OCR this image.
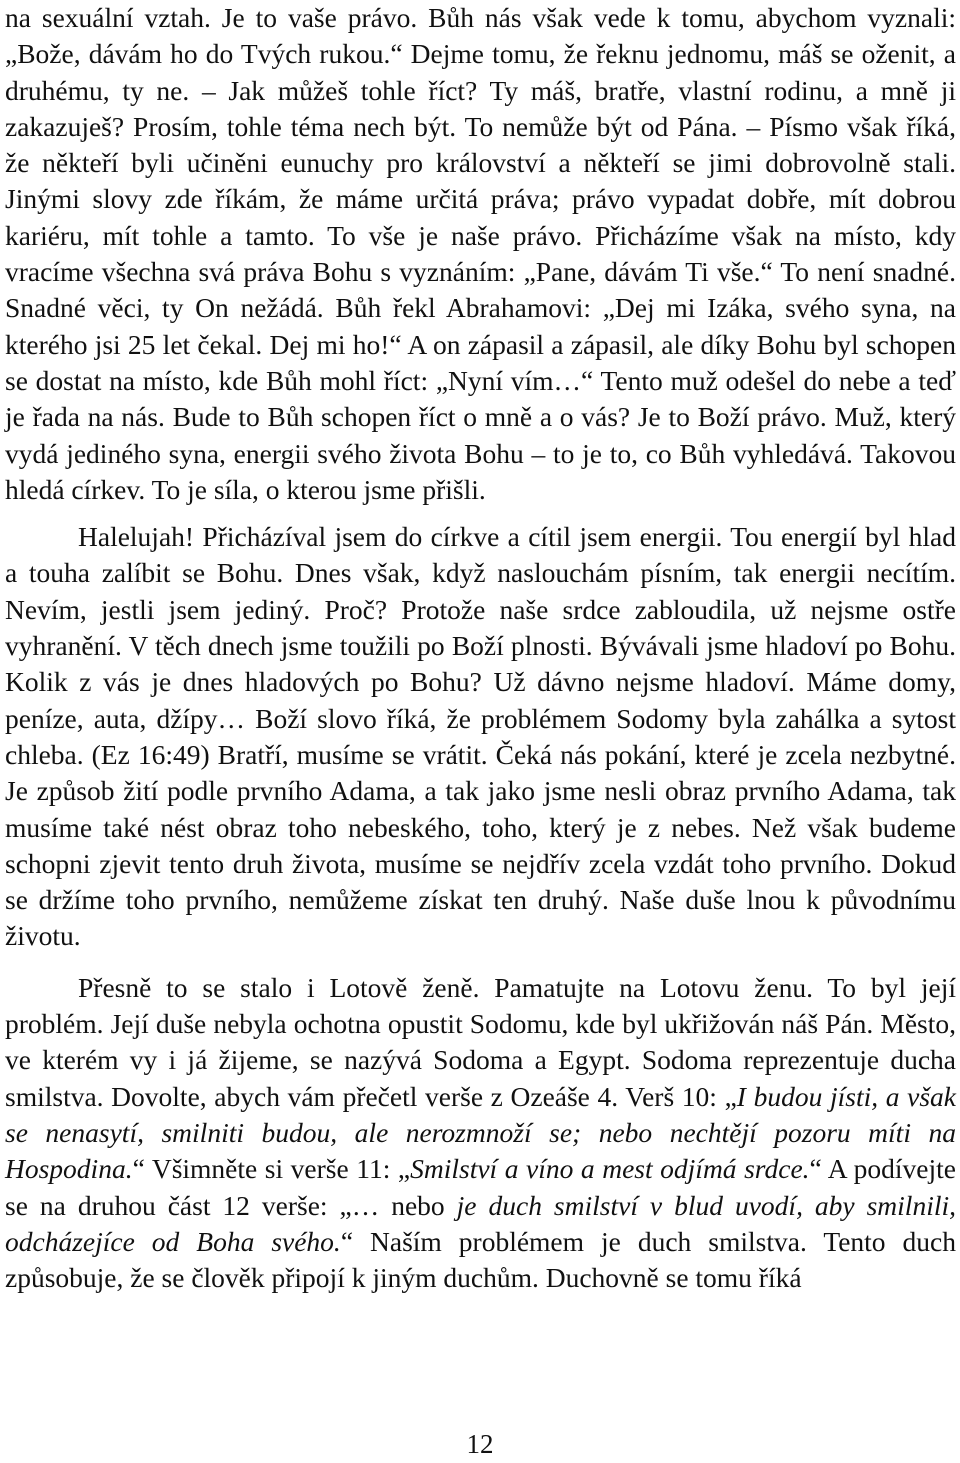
na sexuální vztah. Je to vaše právo. Bůh nás však vede k tomu, abychom vyznali: „Bože, dávám ho do Tvých rukou.“ Dejme tomu, že řeknu jednomu, máš se oženit, a druhému, ty ne. – Jak můžeš tohle říct? Ty máš, bratře, vlastní rodinu, a mně ji zakazuješ? Prosím, tohle téma nech být. To nemůže být od Pána. – Písmo však říká, že někteří byli učiněni eunuchy pro království a někteří se jimi dobrovolně stali. Jinými slovy zde říkám, že máme určitá práva; právo vypadat dobře, mít dobrou kariéru, mít tohle a tamto. To vše je naše právo. Přicházíme však na místo, kdy vracíme všechna svá práva Bohu s vyznáním: „Pane, dávám Ti vše.“ To není snadné. Snadné věci, ty On nežádá. Bůh řekl Abrahamovi: „Dej mi Izáka, svého syna, na kterého jsi 25 let čekal. Dej mi ho!“ A on zápasil a zápasil, ale díky Bohu byl schopen se dostat na místo, kde Bůh mohl říct: „Nyní vím…“ Tento muž odešel do nebe a teď je řada na nás. Bude to Bůh schopen říct o mně a o vás? Je to Boží právo. Muž, který vydá jediného syna, energii svého života Bohu – to je to, co Bůh vyhledává. Takovou hledá církev. To je síla, o kterou jsme přišli.

Halelujah! Přicházíval jsem do církve a cítil jsem energii. Tou energií byl hlad a touha zalíbit se Bohu. Dnes však, když naslouchám písním, tak energii necítím. Nevím, jestli jsem jediný. Proč? Protože naše srdce zabloudila, už nejsme ostře vyhranění. V těch dnech jsme toužili po Boží plnosti. Bývávali jsme hladoví po Bohu. Kolik z vás je dnes hladových po Bohu? Už dávno nejsme hladoví. Máme domy, peníze, auta, džípy… Boží slovo říká, že problémem Sodomy byla zahálka a sytost chleba. (Ez 16:49) Bratří, musíme se vrátit. Čeká nás pokání, které je zcela nezbytné. Je způsob žití podle prvního Adama, a tak jako jsme nesli obraz prvního Adama, tak musíme také nést obraz toho nebeského, toho, který je z nebes. Než však budeme schopni zjevit tento druh života, musíme se nejdřív zcela vzdát toho prvního. Dokud se držíme toho prvního, nemůžeme získat ten druhý. Naše duše lnou k původnímu životu.

Přesně to se stalo i Lotově ženě. Pamatujte na Lotovu ženu. To byl její problém. Její duše nebyla ochotna opustit Sodomu, kde byl ukřižován náš Pán. Město, ve kterém vy i já žijeme, se nazývá Sodoma a Egypt. Sodoma reprezentuje ducha smilstva. Dovolte, abych vám přečetl verše z Ozeáše 4. Verš 10: „I budou jísti, a však se nenasytí, smilniti budou, ale nerozmnoží se; nebo nechtějí pozoru míti na Hospodina.“ Všimněte si verše 11: „Smilství a víno a mest odjímá srdce.“ A podívejte se na druhou část 12 verše: „… nebo je duch smilství v blud uvodí, aby smilnili, odcházejíce od Boha svého.“ Naším problémem je duch smilstva. Tento duch způsobuje, že se člověk připojí k jiným duchům. Duchovně se tomu říká

12
